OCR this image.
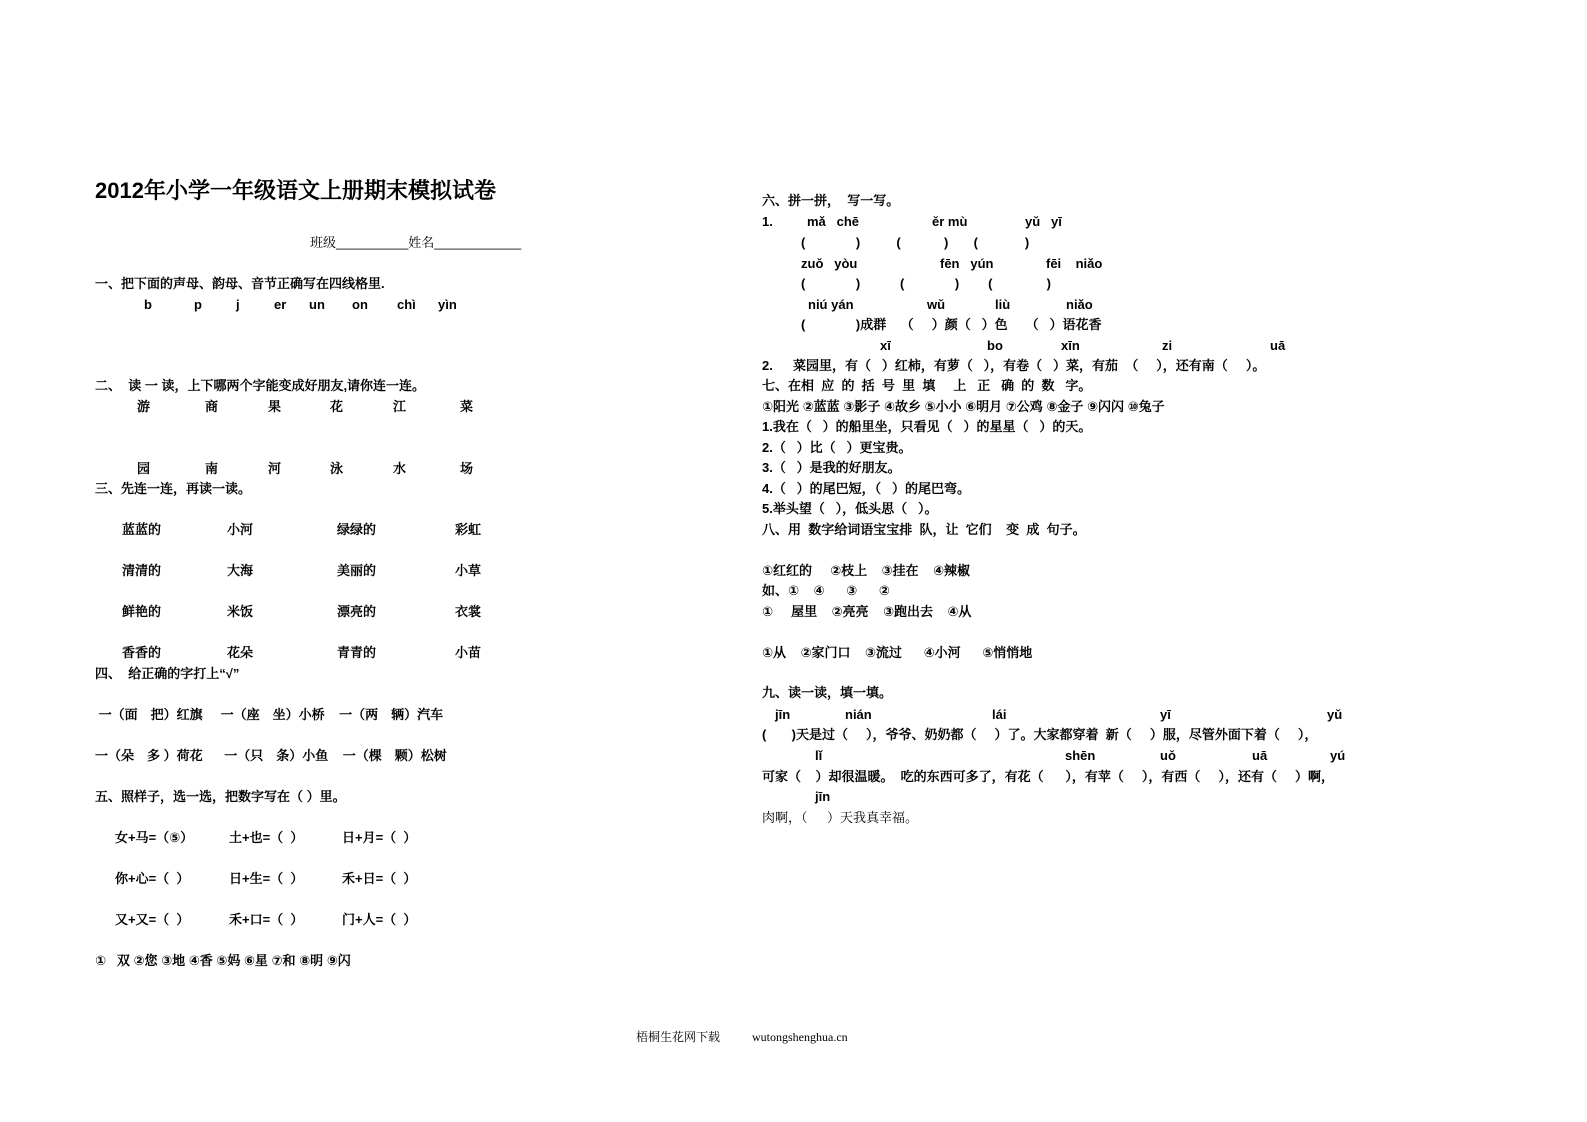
2012年小学一年级语文上册期末模拟试卷
班级__________姓名____________
一、把下面的声母、韵母、音节正确写在四线格里.
b	p	j	er un on chì yìn
二、  读 一 读，上下哪两个字能变成好朋友,请你连一连。
游	商	果	花	江	菜
园	南	河	泳	水	场
三、先连一连，再读一读。
蓝蓝的	小河	绿绿的	彩虹
清清的	大海	美丽的	小草
鲜艳的	米饭	漂亮的	衣裳
香香的	花朵	青青的	小苗
四、  给正确的字打上“√”
一（面　把）红旗     一（座　坐）小桥    一（两　辆）汽车
一（朵　多 ）荷花      一（只　条）小鱼    一（棵　颗）松树
五、照样子，选一选，把数字写在（ ）里。
女+马=（⑤）	土+也=（  ）	日+月=（  ）
你+心=（  ）	日+生=（  ）	禾+日=（  ）
又+又=（  ）	禾+口=（  ）	门+人=（  ）
①   双 ②您 ③地 ④香 ⑤妈 ⑥星 ⑦和 ⑧明 ⑨闪
六、拼一拼，  写一写。
1.	mǎ   chē	ěr mù	yǔ   yī
(              )          (            )       (             )
zuǒ   yòu	fēn   yún	fēi    niǎo
(              )           (              )        (               )
niú yán	wǔ	liù	niǎo
(              )成群    （     ）颜（   ）色     （   ）语花香
xī	bo	xīn	zi	uā
2. 菜园里，有（   ）红柿，有萝（   ），有卷（   ）菜，有茄  （     ），还有南（     ）。
七、在相  应  的  括  号  里  填     上   正   确  的  数   字。
①阳光 ②蓝蓝 ③影子 ④故乡 ⑤小小 ⑥明月 ⑦公鸡 ⑧金子 ⑨闪闪 ⑩兔子
1.我在（   ）的船里坐，只看见（   ）的星星（   ）的天。
2.（   ）比（   ）更宝贵。
3.（   ）是我的好朋友。
4.（   ）的尾巴短，（   ）的尾巴弯。
5.举头望（   ），低头思（   ）。
八、用  数字给词语宝宝排  队，让  它们    变  成  句子。
①红红的     ②枝上    ③挂在    ④辣椒
如、①    ④      ③      ②
①     屋里    ②亮亮    ③跑出去    ④从
①从    ②家门口    ③流过      ④小河      ⑤悄悄地
九、读一读，填一填。
jīn	nián	lái	yī	yǔ
(       )天是过（     ），爷爷、奶奶都（     ）了。大家都穿着  新（     ）服，尽管外面下着（     ），
lǐ	shēn	uǒ	uā	yú
可家（    ）却很温暖。  吃的东西可多了，有花（      ），有苹（     ），有西（     ），还有（     ）啊，
jīn
肉啊，（      ）天我真幸福。
梧桐生花网下载	wutongshenghua.cn
